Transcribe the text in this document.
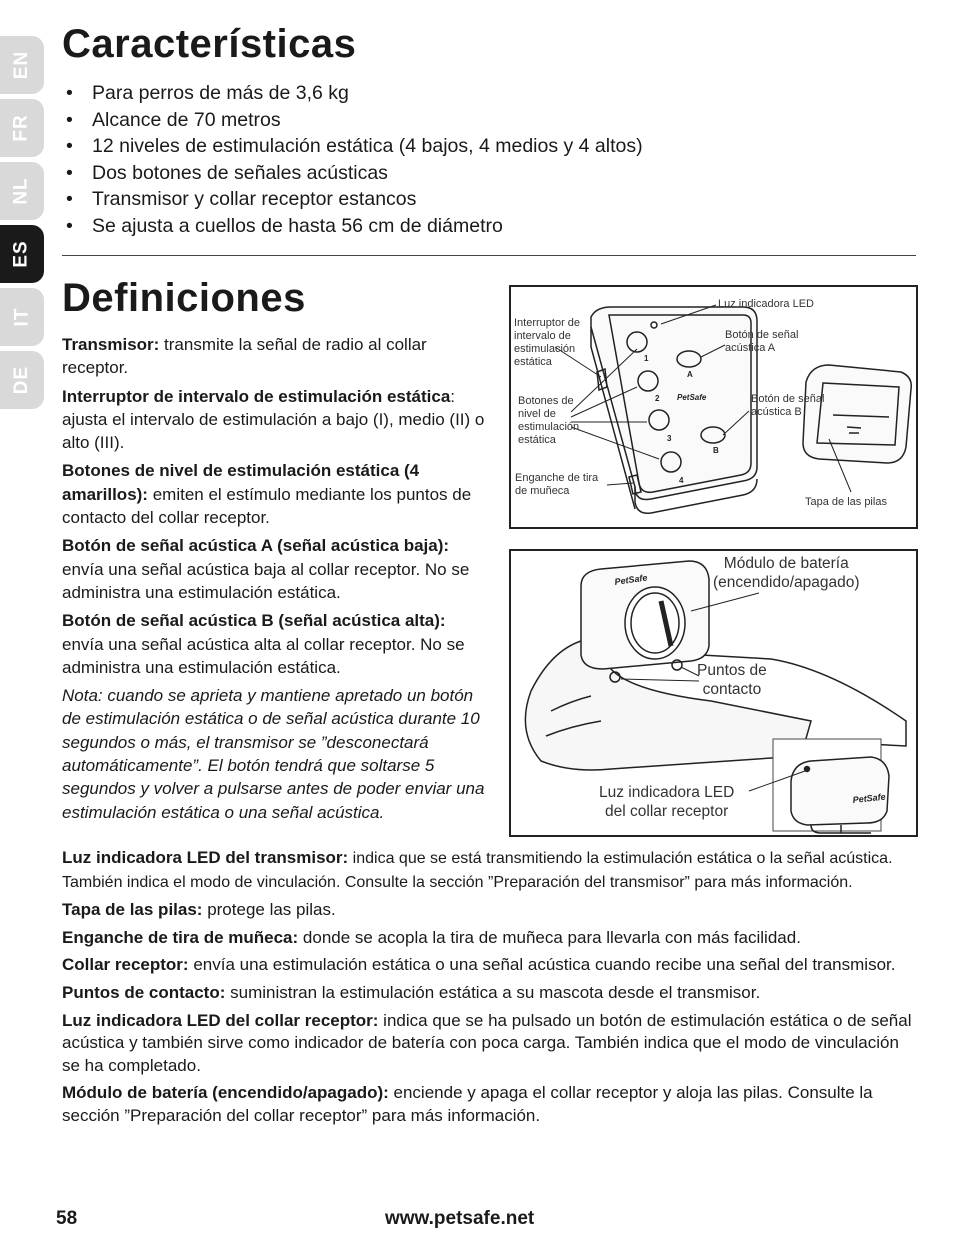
EN
FR
NL
ES
IT
DE
Características
• Para perros de más de 3,6 kg
• Alcance de 70 metros
• 12 niveles de estimulación estática (4 bajos, 4 medios y 4 altos)
• Dos botones de señales acústicas
• Transmisor y collar receptor estancos
• Se ajusta a cuellos de hasta 56 cm de diámetro
Definiciones

Transmisor: transmite la señal de radio al collar receptor.

Interruptor de intervalo de estimulación estática: ajusta el intervalo de estimulación a bajo (I), medio (II) o alto (III).

Botones de nivel de estimulación estática (4 amarillos): emiten el estímulo mediante los puntos de contacto del collar receptor.

Botón de señal acústica A (señal acústica baja): envía una señal acústica baja al collar receptor. No se administra una estimulación estática.

Botón de señal acústica B (señal acústica alta): envía una señal acústica alta al collar receptor. No se administra una estimulación estática.

Nota: cuando se aprieta y mantiene apretado un botón de estimulación estática o de señal acústica durante 10 segundos o más, el transmisor se ”desconectará automáticamente”. El botón tendrá que soltarse 5 segundos y volver a pulsarse antes de poder enviar una estimulación estática o una señal acústica.

Luz indicadora LED del transmisor: indica que se está transmitiendo la estimulación estática o la señal acústica. También indica el modo de vinculación. Consulte la sección ”Preparación del transmisor” para más información.

Tapa de las pilas: protege las pilas.

Enganche de tira de muñeca: donde se acopla la tira de muñeca para llevarla con más facilidad.

Collar receptor: envía una estimulación estática o una señal acústica cuando recibe una señal del transmisor.

Puntos de contacto: suministran la estimulación estática a su mascota desde el transmisor.

Luz indicadora LED del collar receptor: indica que se ha pulsado un botón de estimulación estática o de señal acústica y también sirve como indicador de batería con poca carga. También indica que el modo de vinculación se ha completado.

Módulo de batería (encendido/apagado): enciende y apaga el collar receptor y aloja las pilas. Consulte la sección ”Preparación del collar receptor” para más información.

1
2
3
4
A
B
PetSafe
Luz indicadora LED
Interruptor de
intervalo de
estimulación
estática
Botones de
nivel de
estimulación
estática
Enganche de tira
de muñeca
Botón de señal
acústica A
Botón de señal
acústica B
Tapa de las pilas
PetSafe
PetSafe
Módulo de batería
(encendido/apagado)
Puntos de
contacto
Luz indicadora LED
del collar receptor
58	www.petsafe.net
